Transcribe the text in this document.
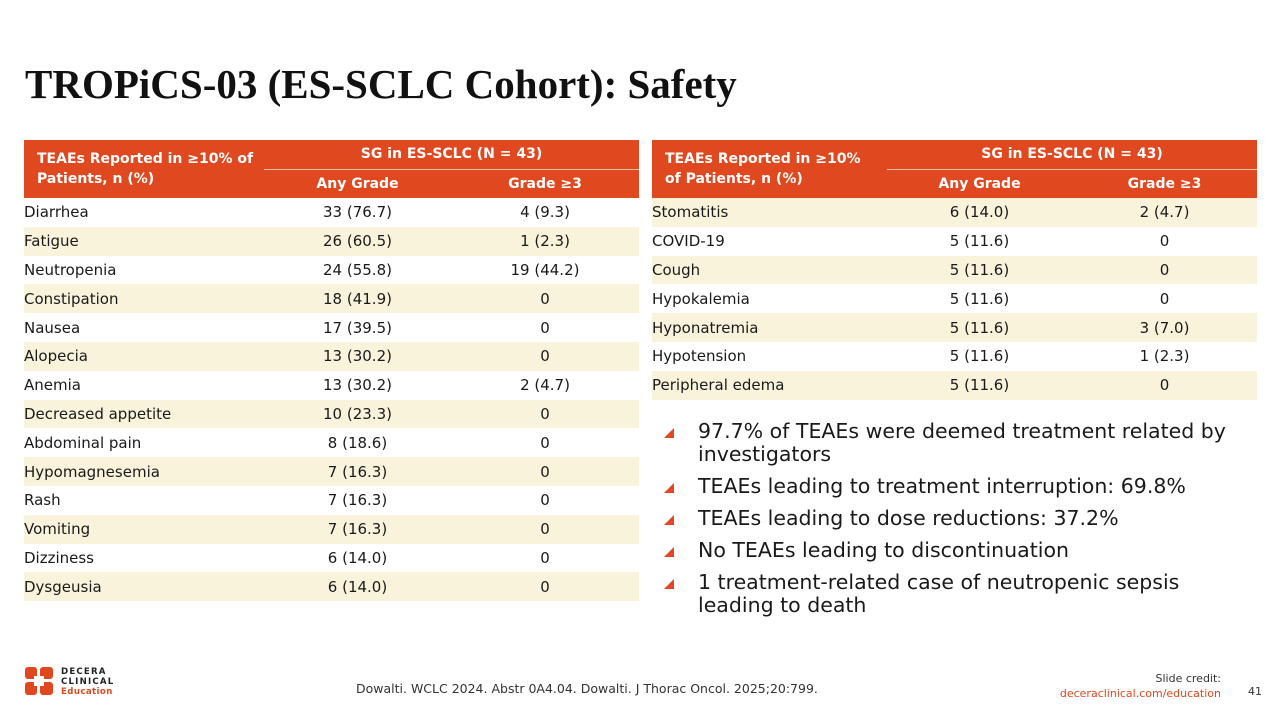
TROPiCS-03 (ES-SCLC Cohort): Safety
TEAEs Reported in ≥10% of Patients, n (%)	SG in ES-SCLC (N = 43)	
	Any Grade	Grade ≥3
Diarrhea	33 (76.7)	4 (9.3)
Fatigue	26 (60.5)	1 (2.3)
Neutropenia	24 (55.8)	19 (44.2)
Constipation	18 (41.9)	0
Nausea	17 (39.5)	0
Alopecia	13 (30.2)	0
Anemia	13 (30.2)	2 (4.7)
Decreased appetite	10 (23.3)	0
Abdominal pain	8 (18.6)	0
Hypomagnesemia	7 (16.3)	0
Rash	7 (16.3)	0
Vomiting	7 (16.3)	0
Dizziness	6 (14.0)	0
Dysgeusia	6 (14.0)	0
TEAEs Reported in ≥10% of Patients, n (%)	SG in ES-SCLC (N = 43)	
	Any Grade	Grade ≥3
Stomatitis	6 (14.0)	2 (4.7)
COVID-19	5 (11.6)	0
Cough	5 (11.6)	0
Hypokalemia	5 (11.6)	0
Hyponatremia	5 (11.6)	3 (7.0)
Hypotension	5 (11.6)	1 (2.3)
Peripheral edema	5 (11.6)	0
97.7% of TEAEs were deemed treatment related by investigators
TEAEs leading to treatment interruption: 69.8%
TEAEs leading to dose reductions: 37.2%
No TEAEs leading to discontinuation
1 treatment-related case of neutropenic sepsis leading to death
DECERA
CLINICAL
Education	Dowalti. WCLC 2024. Abstr 0A4.04. Dowalti. J Thorac Oncol. 2025;20:799.
Slide credit:
deceraclinical.com/education 41
